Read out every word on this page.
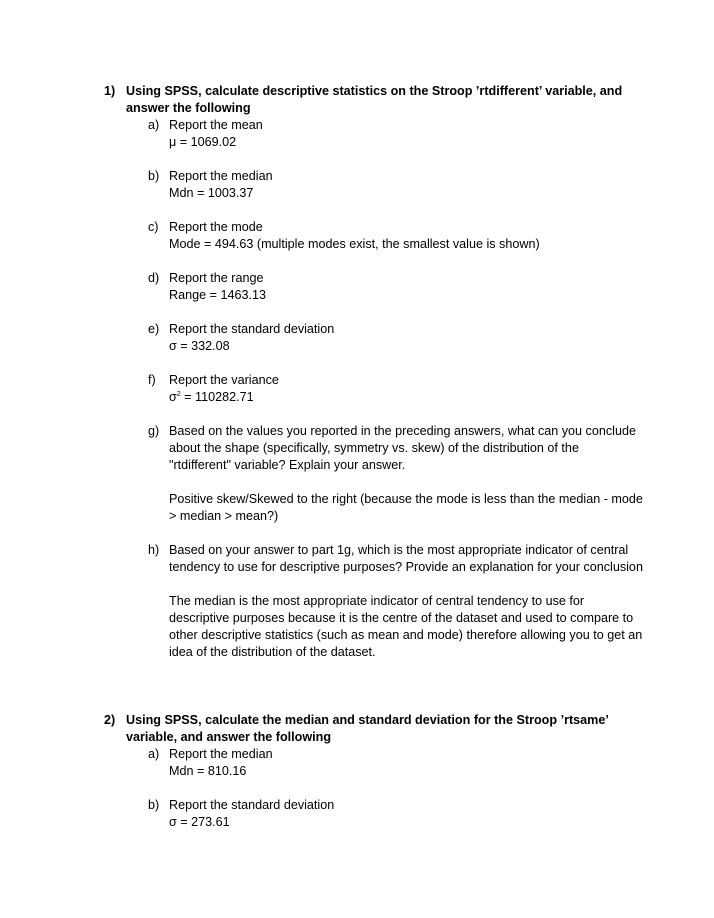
1) Using SPSS, calculate descriptive statistics on the Stroop ’rtdifferent’ variable, and answer the following
a) Report the mean
μ = 1069.02
b) Report the median
Mdn = 1003.37
c) Report the mode
Mode = 494.63 (multiple modes exist, the smallest value is shown)
d) Report the range
Range = 1463.13
e) Report the standard deviation
σ = 332.08
f)	Report the variance
$\sigma^2 = 110282.71$
g) Based on the values you reported in the preceding answers, what can you conclude about the shape (specifically, symmetry vs. skew) of the distribution of the "rtdifferent" variable? Explain your answer.
Positive skew/Skewed to the right (because the mode is less than the median - mode > median > mean?)
h) Based on your answer to part 1g, which is the most appropriate indicator of central tendency to use for descriptive purposes? Provide an explanation for your conclusion
The median is the most appropriate indicator of central tendency to use for descriptive purposes because it is the centre of the dataset and used to compare to other descriptive statistics (such as mean and mode) therefore allowing you to get an idea of the distribution of the dataset.
2) Using SPSS, calculate the median and standard deviation for the Stroop ’rtsame’ variable, and answer the following
a) Report the median
Mdn = 810.16
b) Report the standard deviation
σ = 273.61
